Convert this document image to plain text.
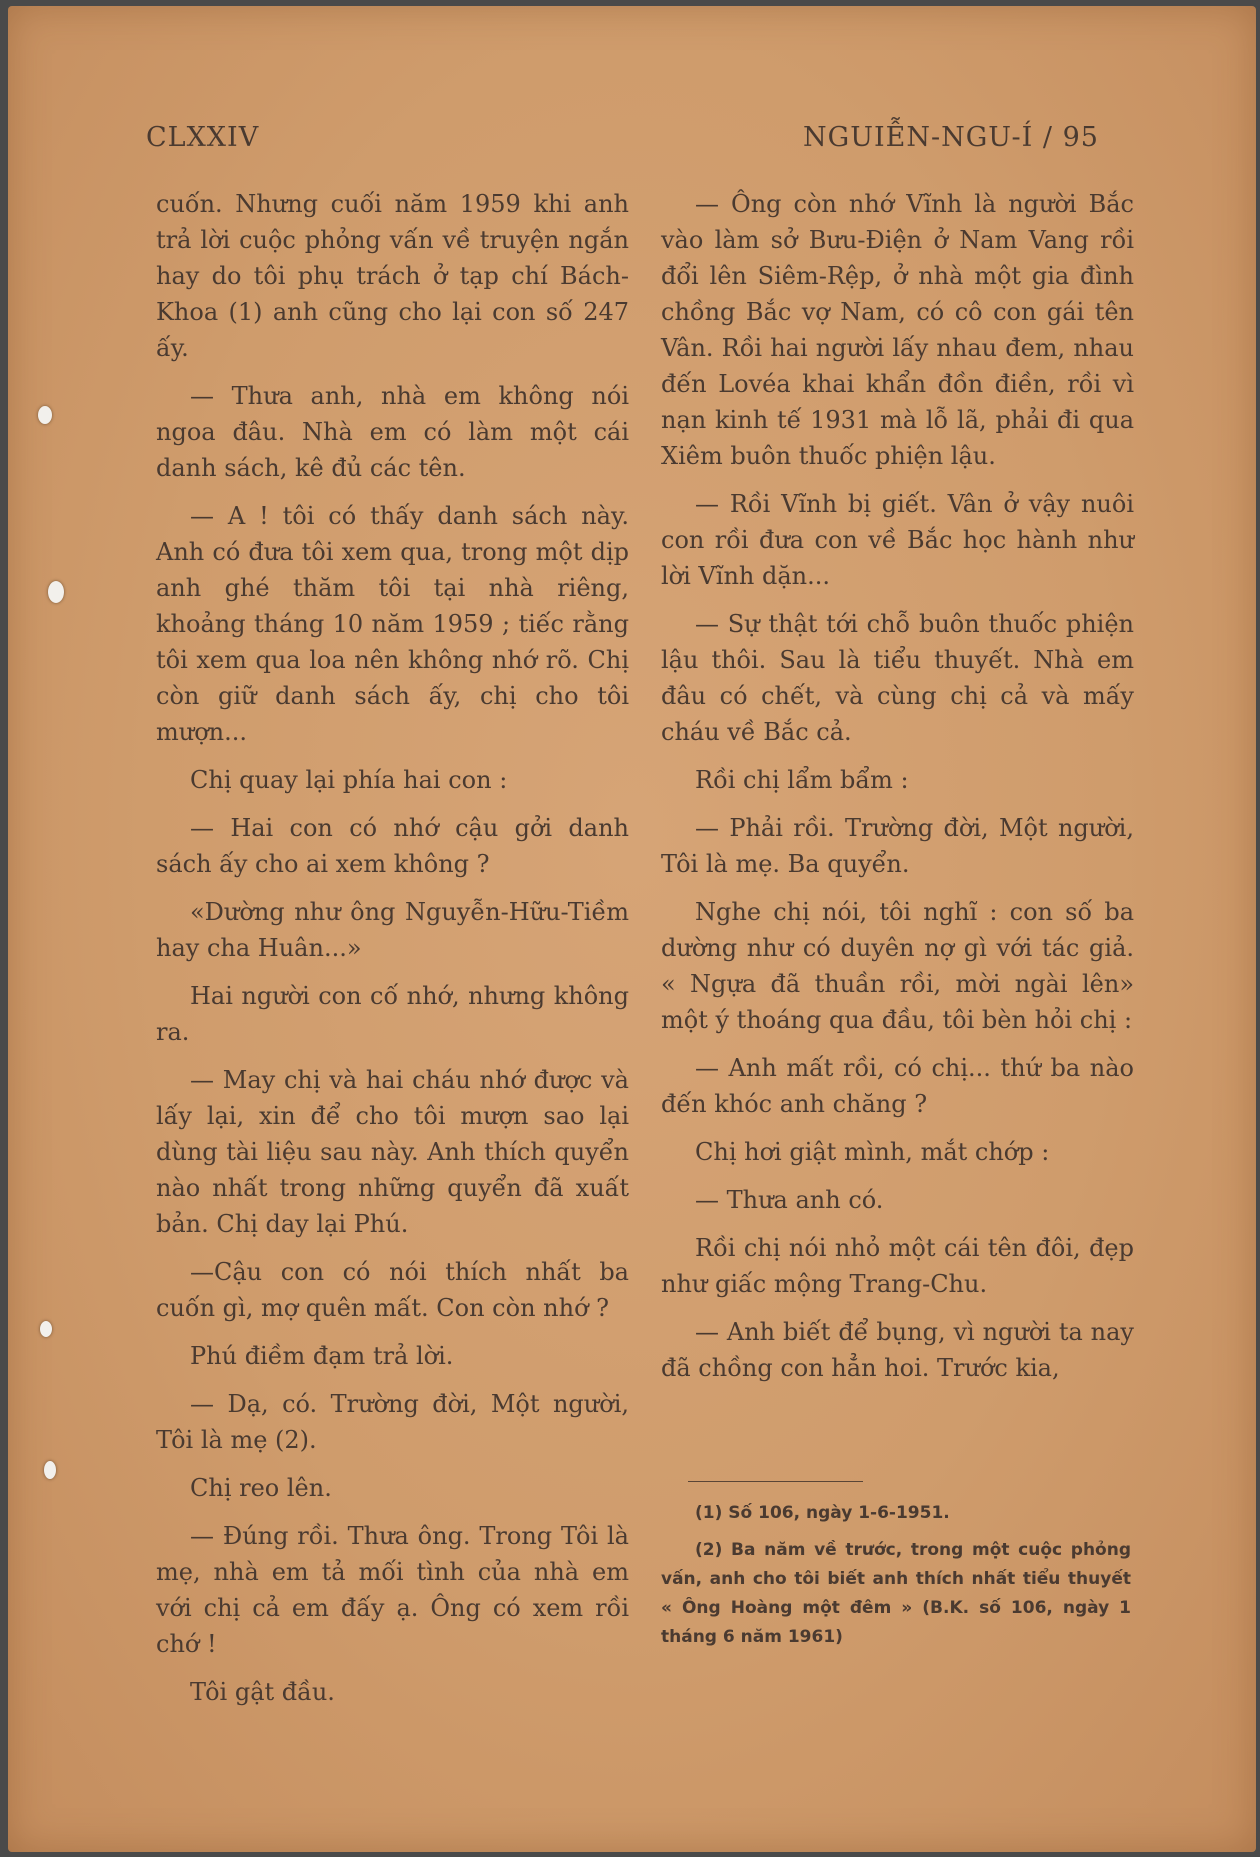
CLXXIV	NGUIỄN-NGU-Í / 95

cuốn. Nhưng cuối năm 1959 khi anh trả lời cuộc phỏng vấn về truyện ngắn hay do tôi phụ trách ở tạp chí Bách-Khoa (1) anh cũng cho lại con số 247 ấy.

— Thưa anh, nhà em không nói ngoa đâu. Nhà em có làm một cái danh sách, kê đủ các tên.

— A ! tôi có thấy danh sách này. Anh có đưa tôi xem qua, trong một dịp anh ghé thăm tôi tại nhà riêng, khoảng tháng 10 năm 1959 ; tiếc rằng tôi xem qua loa nên không nhớ rõ. Chị còn giữ danh sách ấy, chị cho tôi mượn...

Chị quay lại phía hai con :

— Hai con có nhớ cậu gởi danh sách ấy cho ai xem không ?

«Dường như ông Nguyễn-Hữu-Tiềm hay cha Huân...»

Hai người con cố nhớ, nhưng không ra.

— May chị và hai cháu nhớ được và lấy lại, xin để cho tôi mượn sao lại dùng tài liệu sau này. Anh thích quyển nào nhất trong những quyển đã xuất bản. Chị day lại Phú.

—Cậu con có nói thích nhất ba cuốn gì, mợ quên mất. Con còn nhớ ?

Phú điềm đạm trả lời.

— Dạ, có. Trường đời, Một người, Tôi là mẹ (2).

Chị reo lên.

— Đúng rồi. Thưa ông. Trong Tôi là mẹ, nhà em tả mối tình của nhà em với chị cả em đấy ạ. Ông có xem rồi chớ !

Tôi gật đầu.

— Ông còn nhớ Vĩnh là người Bắc vào làm sở Bưu-Điện ở Nam Vang rồi đổi lên Siêm-Rệp, ở nhà một gia đình chồng Bắc vợ Nam, có cô con gái tên Vân. Rồi hai người lấy nhau đem, nhau đến Lovéa khai khẩn đồn điền, rồi vì nạn kinh tế 1931 mà lỗ lã, phải đi qua Xiêm buôn thuốc phiện lậu.

— Rồi Vĩnh bị giết. Vân ở vậy nuôi con rồi đưa con về Bắc học hành như lời Vĩnh dặn...

— Sự thật tới chỗ buôn thuốc phiện lậu thôi. Sau là tiểu thuyết. Nhà em đâu có chết, và cùng chị cả và mấy cháu về Bắc cả.

Rồi chị lẩm bẩm :

— Phải rồi. Trường đời, Một người, Tôi là mẹ. Ba quyển.

Nghe chị nói, tôi nghĩ : con số ba dường như có duyên nợ gì với tác giả. « Ngựa đã thuần rồi, mời ngài lên» một ý thoáng qua đầu, tôi bèn hỏi chị :

— Anh mất rồi, có chị... thứ ba nào đến khóc anh chăng ?

Chị hơi giật mình, mắt chớp :

— Thưa anh có.

Rồi chị nói nhỏ một cái tên đôi, đẹp như giấc mộng Trang-Chu.

— Anh biết để bụng, vì người ta nay đã chồng con hẳn hoi. Trước kia,

(1) Số 106, ngày 1-6-1951.

(2) Ba năm về trước, trong một cuộc phỏng vấn, anh cho tôi biết anh thích nhất tiểu thuyết « Ông Hoàng một đêm » (B.K. số 106, ngày 1 tháng 6 năm 1961)
